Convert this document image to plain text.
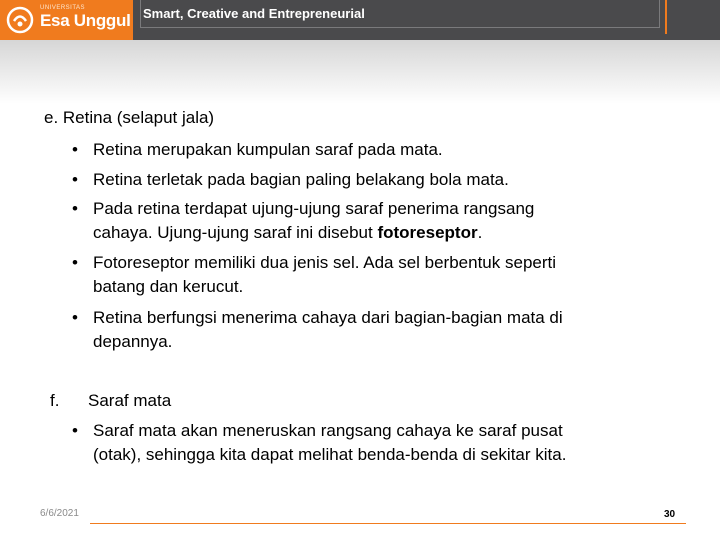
Smart, Creative and Entrepreneurial
UNIVERSITAS
Esa Unggul
e. Retina (selaput jala)
• Retina merupakan kumpulan saraf pada mata.
• Retina terletak pada bagian paling belakang bola mata.
• Pada retina terdapat ujung-ujung saraf penerima rangsang
cahaya. Ujung-ujung saraf ini disebut fotoreseptor.
• Fotoreseptor memiliki dua jenis sel. Ada sel berbentuk seperti
batang dan kerucut.
• Retina berfungsi menerima cahaya dari bagian-bagian mata di
depannya.
f. Saraf mata
• Saraf mata akan meneruskan rangsang cahaya ke saraf pusat
(otak), sehingga kita dapat melihat benda-benda di sekitar kita.
6/6/2021	30
